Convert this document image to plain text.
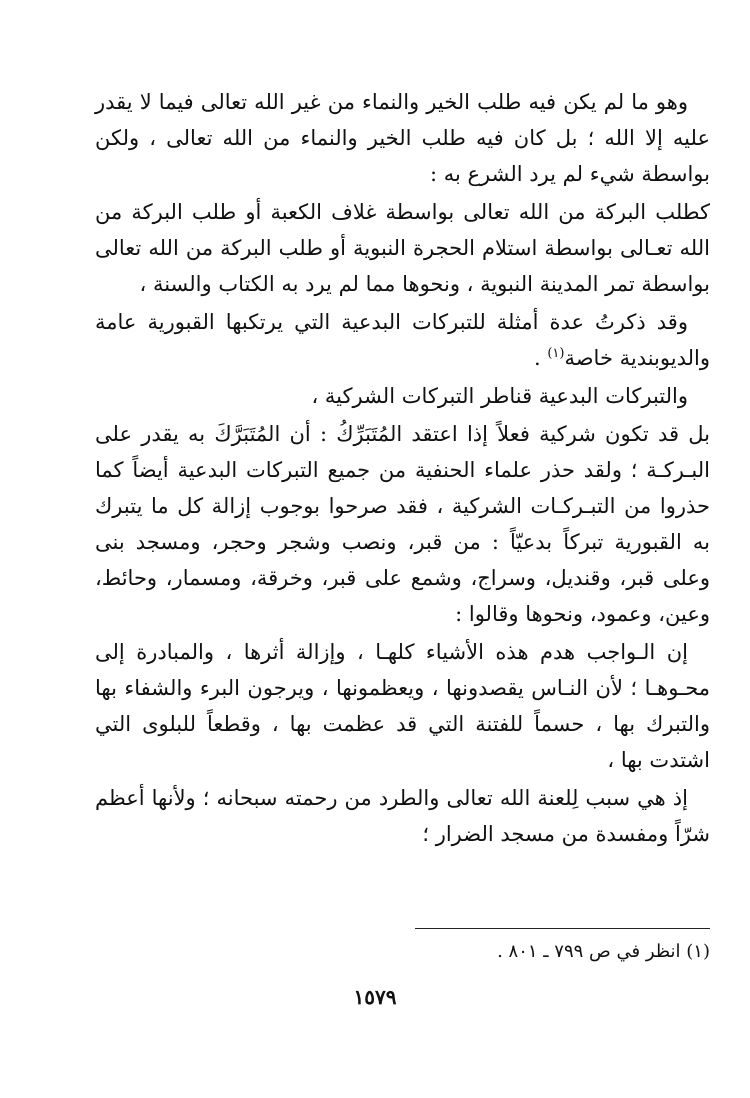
وهو ما لم يكن فيه طلب الخير والنماء من غير الله تعالى فيما لا يقدر عليه إلا الله ؛ بل كان فيه طلب الخير والنماء من الله تعالى ، ولكن بواسطة شيء لم يرد الشرع به :

كطلب البركة من الله تعالى بواسطة غلاف الكعبة أو طلب البركة من الله تعـالى بواسطة استلام الحجرة النبوية أو طلب البركة من الله تعالى بواسطة تمر المدينة النبوية ، ونحوها مما لم يرد به الكتاب والسنة ،

وقد ذكرتُ عدة أمثلة للتبركات البدعية التي يرتكبها القبورية عامة والديوبندية خاصة$^{(١)}$ .

والتبركات البدعية قناطر التبركات الشركية ،

بل قد تكون شركية فعلاً إذا اعتقد المُتَبَرِّكُ : أن المُتَبَرَّكَ به يقدر على البـركـة ؛ ولقد حذر علماء الحنفية من جميع التبركات البدعية أيضاً كما حذروا من التبـركـات الشركية ، فقد صرحوا بوجوب إزالة كل ما يتبرك به القبورية تبركاً بدعيّاً : من قبر، ونصب وشجر وحجر، ومسجد بنى وعلى قبر، وقنديل، وسراج، وشمع على قبر، وخرقة، ومسمار، وحائط، وعين، وعمود، ونحوها وقالوا :

إن الـواجب هدم هذه الأشياء كلهـا ، وإزالة أثرها ، والمبادرة إلى محـوهـا ؛ لأن النـاس يقصدونها ، ويعظمونها ، ويرجون البرء والشفاء بها والتبرك بها ، حسماً للفتنة التي قد عظمت بها ، وقطعاً للبلوى التي اشتدت بها ،

إذ هي سبب لِلعنة الله تعالى والطرد من رحمته سبحانه ؛ ولأنها أعظم شرّاً ومفسدة من مسجد الضرار ؛

(١) انظر في ص ٧٩٩ ـ ٨٠١ .
١٥٧٩
